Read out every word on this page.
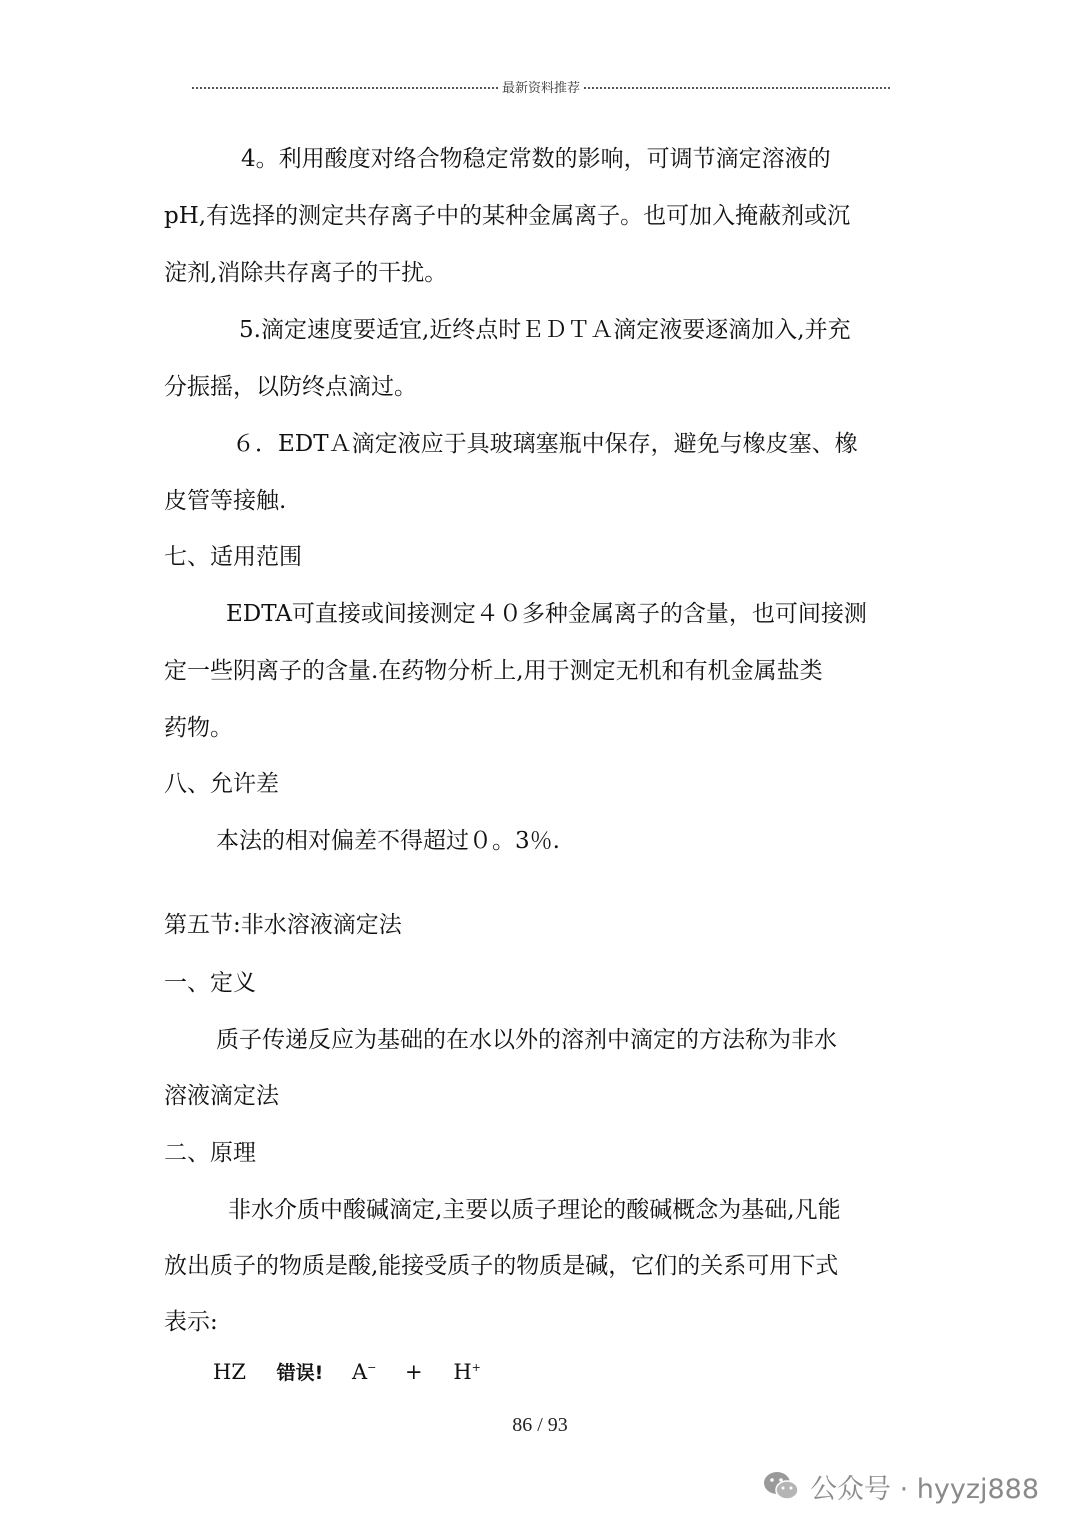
最新资料推荐
4。利用酸度对络合物稳定常数的影响，可调节滴定溶液的
pH,有选择的测定共存离子中的某种金属离子。也可加入掩蔽剂或沉
淀剂,消除共存离子的干扰。
5.滴定速度要适宜,近终点时ＥＤＴＡ滴定液要逐滴加入,并充
分振摇，以防终点滴过。
６．EDTＡ滴定液应于具玻璃塞瓶中保存，避免与橡皮塞、橡
皮管等接触.
七、适用范围
EDTA可直接或间接测定４０多种金属离子的含量，也可间接测
定一些阴离子的含量.在药物分析上,用于测定无机和有机金属盐类
药物。
八、允许差
本法的相对偏差不得超过０。3％.
第五节:非水溶液滴定法
一、定义
质子传递反应为基础的在水以外的溶剂中滴定的方法称为非水
溶液滴定法
二、原理
非水介质中酸碱滴定,主要以质子理论的酸碱概念为基础,凡能
放出质子的物质是酸,能接受质子的物质是碱，它们的关系可用下式
表示:
HZ 错误! A− + H+
86 / 93
公众号 · hyyzj888
